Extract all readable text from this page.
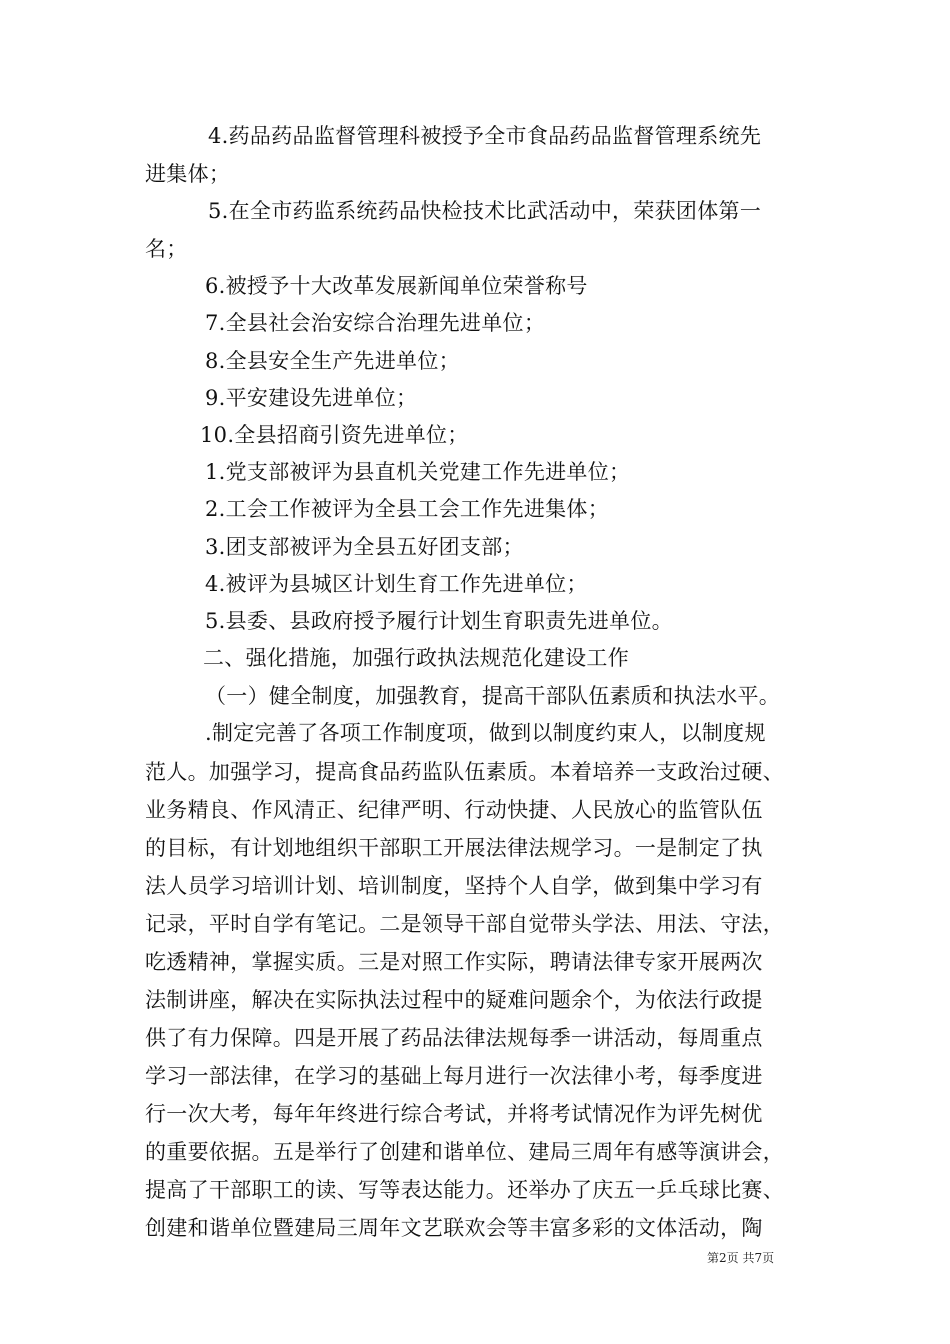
4.药品药品监督管理科被授予全市食品药品监督管理系统先
进集体；
5.在全市药监系统药品快检技术比武活动中，荣获团体第一
名；
6.被授予十大改革发展新闻单位荣誉称号
7.全县社会治安综合治理先进单位；
8.全县安全生产先进单位；
9.平安建设先进单位；
10.全县招商引资先进单位；
1.党支部被评为县直机关党建工作先进单位；
2.工会工作被评为全县工会工作先进集体；
3.团支部被评为全县五好团支部；
4.被评为县城区计划生育工作先进单位；
5.县委、县政府授予履行计划生育职责先进单位。
二、强化措施，加强行政执法规范化建设工作
（一）健全制度，加强教育，提高干部队伍素质和执法水平。
.制定完善了各项工作制度项，做到以制度约束人，以制度规
范人。加强学习，提高食品药监队伍素质。本着培养一支政治过硬、
业务精良、作风清正、纪律严明、行动快捷、人民放心的监管队伍
的目标，有计划地组织干部职工开展法律法规学习。一是制定了执
法人员学习培训计划、培训制度，坚持个人自学，做到集中学习有
记录，平时自学有笔记。二是领导干部自觉带头学法、用法、守法，
吃透精神，掌握实质。三是对照工作实际，聘请法律专家开展两次
法制讲座，解决在实际执法过程中的疑难问题余个，为依法行政提
供了有力保障。四是开展了药品法律法规每季一讲活动，每周重点
学习一部法律，在学习的基础上每月进行一次法律小考，每季度进
行一次大考，每年年终进行综合考试，并将考试情况作为评先树优
的重要依据。五是举行了创建和谐单位、建局三周年有感等演讲会，
提高了干部职工的读、写等表达能力。还举办了庆五一乒乓球比赛、
创建和谐单位暨建局三周年文艺联欢会等丰富多彩的文体活动，陶
第2页 共7页
